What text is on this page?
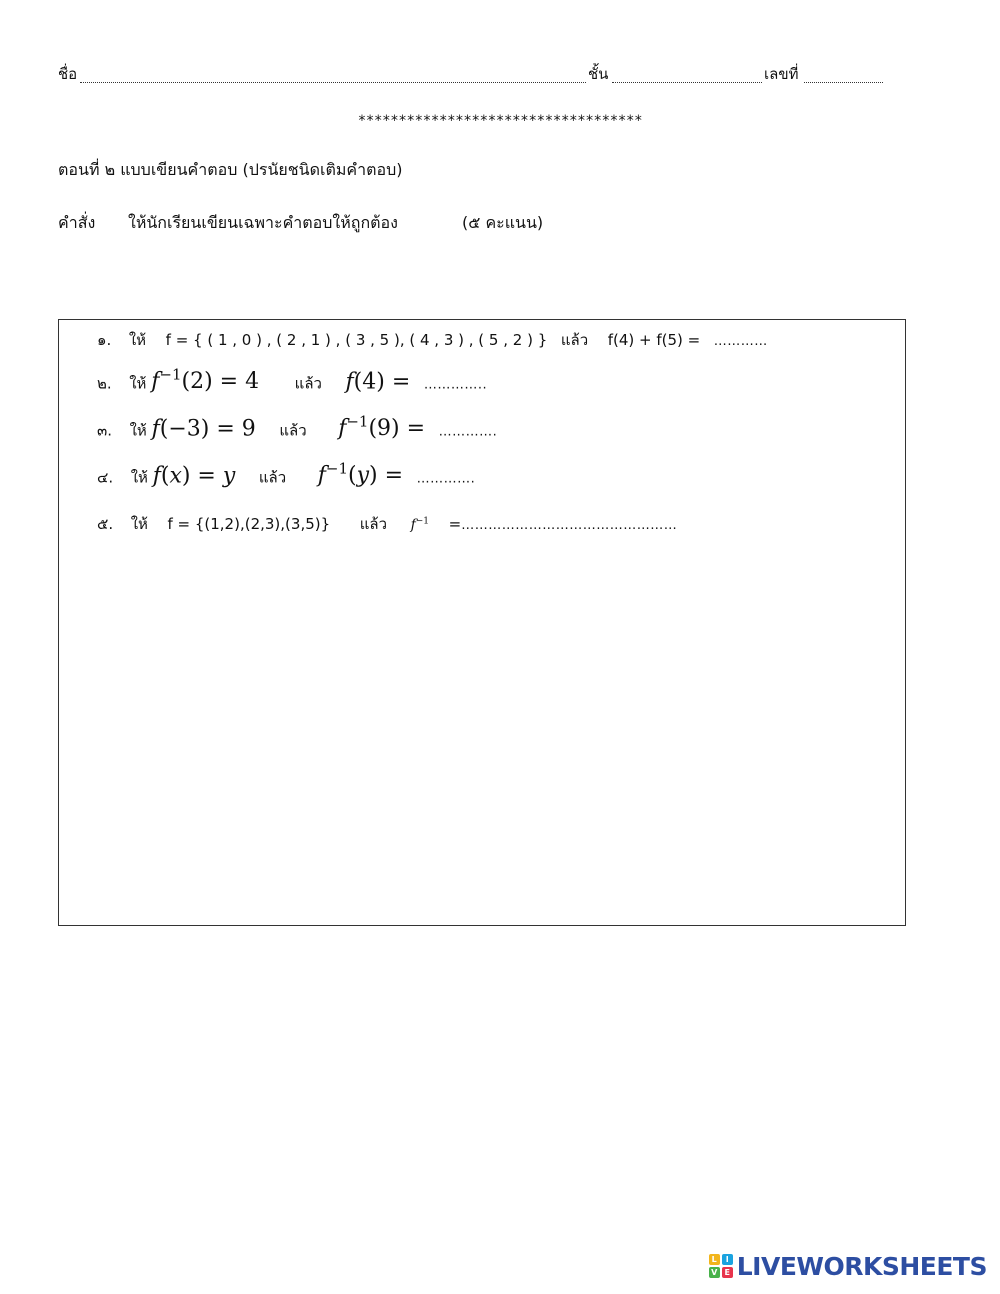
ชื่อ	ชั้น	เลขที่
***********************************
ตอนที่ ๒ แบบเขียนคำตอบ (ปรนัยชนิดเติมคำตอบ)
คำสั่ง ให้นักเรียนเขียนเฉพาะคำตอบให้ถูกต้อง	(๕ คะแนน)
๑. ให้ f = { ( 1 , 0 ) , ( 2 , 1 ) , ( 3 , 5 ), ( 4 , 3 ) , ( 5 , 2 ) } แล้ว f(4) + f(5) = …………
๒. ให้ $f^{-1}(2) = 4$ แล้ว f(4) = …………..
๓. ให้ f(−3) = 9 แล้ว $f^{-1}(9)$ = ………….
๔. ให้ f(x) = y แล้ว $f^{-1}(y)$ = ………….
๕. ให้ f = {(1,2),(2,3),(3,5)} แล้ว $f^{-1}$ =…………………………………………
L	I
V E LIVEWORKSHEETS
